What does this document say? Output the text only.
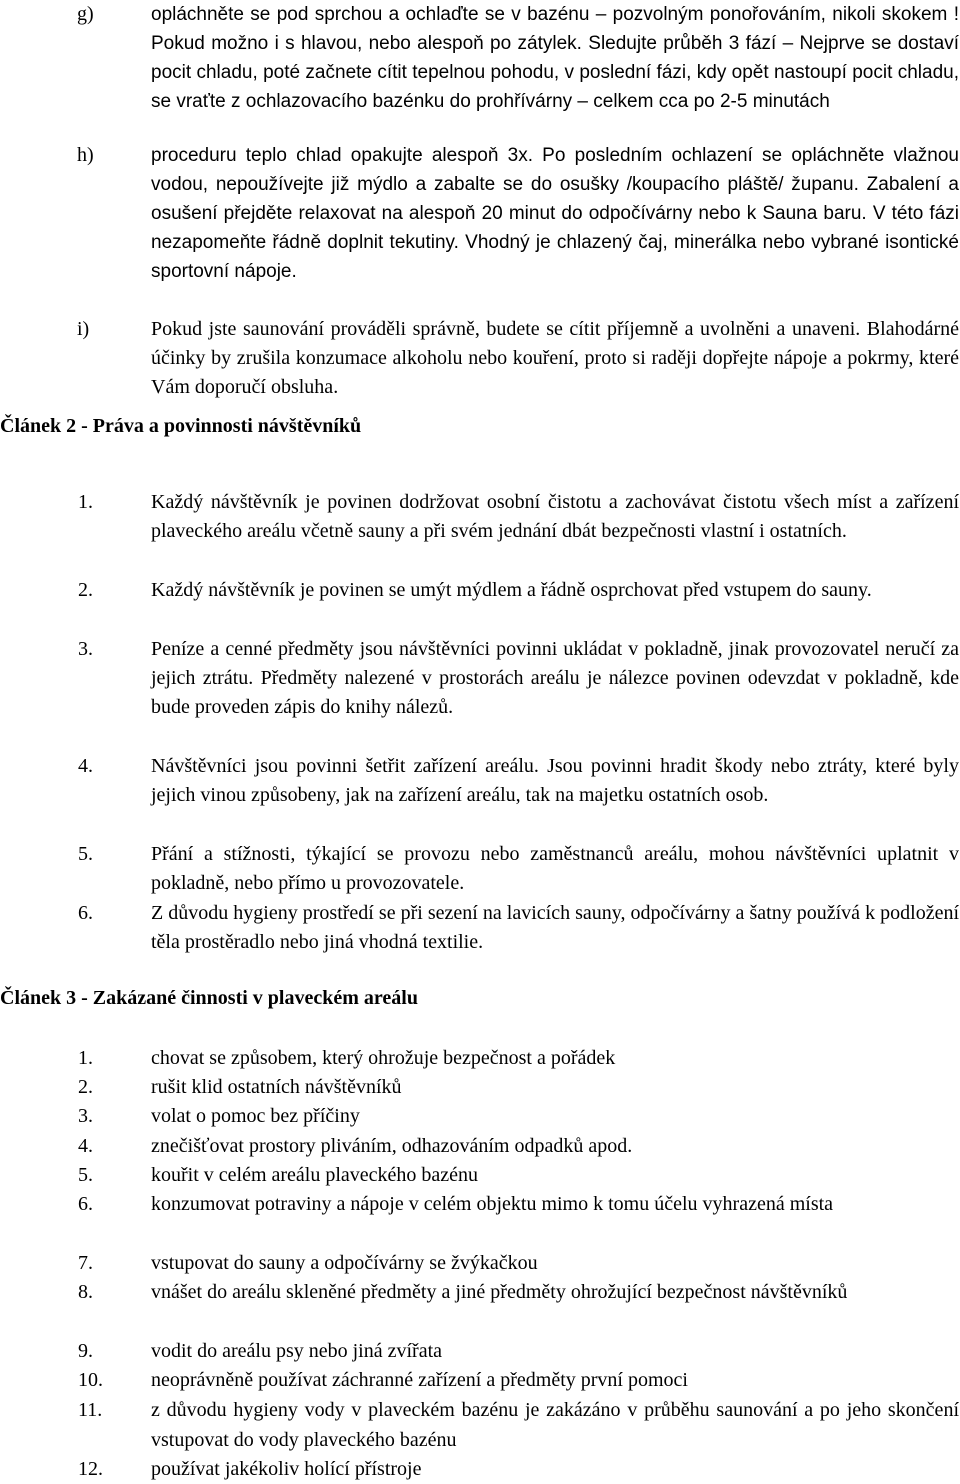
g)	opláchněte se pod sprchou a ochlaďte se v bazénu – pozvolným ponořováním, nikoli skokem ! Pokud možno i s hlavou, nebo alespoň po zátylek. Sledujte průběh 3 fází – Nejprve se dostaví pocit chladu, poté začnete cítit tepelnou pohodu, v poslední fázi, kdy opět nastoupí pocit chladu, se vraťte z ochlazovacího bazénku do prohřívárny – celkem cca po 2-5 minutách
h)	proceduru teplo chlad opakujte alespoň 3x. Po posledním ochlazení se opláchněte vlažnou vodou, nepoužívejte již mýdlo a zabalte se do osušky /koupacího pláště/ županu. Zabalení a osušení přejděte relaxovat na alespoň 20 minut do odpočívárny nebo k Sauna baru. V této fázi nezapomeňte řádně doplnit tekutiny. Vhodný je chlazený čaj, minerálka nebo vybrané isontické sportovní nápoje.
i)	Pokud jste saunování prováděli správně, budete se cítit příjemně a uvolněni a unaveni. Blahodárné účinky by zrušila konzumace alkoholu nebo kouření, proto si raději dopřejte nápoje a pokrmy, které Vám doporučí obsluha.
Článek 2 - Práva a povinnosti návštěvníků
1.	Každý návštěvník je povinen dodržovat osobní čistotu a zachovávat čistotu všech míst a zařízení plaveckého areálu včetně sauny a při svém jednání dbát bezpečnosti vlastní i ostatních.
2.	Každý návštěvník je povinen se umýt mýdlem a řádně osprchovat před vstupem do sauny.
3.	Peníze a cenné předměty jsou návštěvníci povinni ukládat v pokladně, jinak provozovatel neručí za jejich ztrátu. Předměty nalezené v prostorách areálu je nálezce povinen odevzdat v pokladně, kde bude proveden zápis do knihy nálezů.
4.	Návštěvníci jsou povinni šetřit zařízení areálu. Jsou povinni hradit škody nebo ztráty, které byly jejich vinou způsobeny, jak na zařízení areálu, tak na majetku ostatních osob.
5.	Přání a stížnosti, týkající se provozu nebo zaměstnanců areálu, mohou návštěvníci uplatnit v pokladně, nebo přímo u provozovatele.
6.	Z důvodu hygieny prostředí se při sezení na lavicích sauny, odpočívárny a šatny používá k podložení těla prostěradlo nebo jiná vhodná textilie.
Článek 3 - Zakázané činnosti v plaveckém areálu
1.	chovat se způsobem, který ohrožuje bezpečnost a pořádek
2.	rušit klid ostatních návštěvníků
3.	volat o pomoc bez příčiny
4.	znečišťovat prostory pliváním, odhazováním odpadků apod.
5.	kouřit v celém areálu plaveckého bazénu
6.	konzumovat potraviny a nápoje v celém objektu mimo k tomu účelu vyhrazená místa
7.	vstupovat do sauny a odpočívárny se žvýkačkou
8.	vnášet do areálu skleněné předměty a jiné předměty ohrožující bezpečnost návštěvníků
9.	vodit do areálu psy nebo jiná zvířata
10.	neoprávněně používat záchranné zařízení a předměty první pomoci
11.	z důvodu hygieny vody v plaveckém bazénu je zakázáno v průběhu saunování a po jeho skončení vstupovat do vody plaveckého bazénu
12.	používat jakékoliv holící přístroje
